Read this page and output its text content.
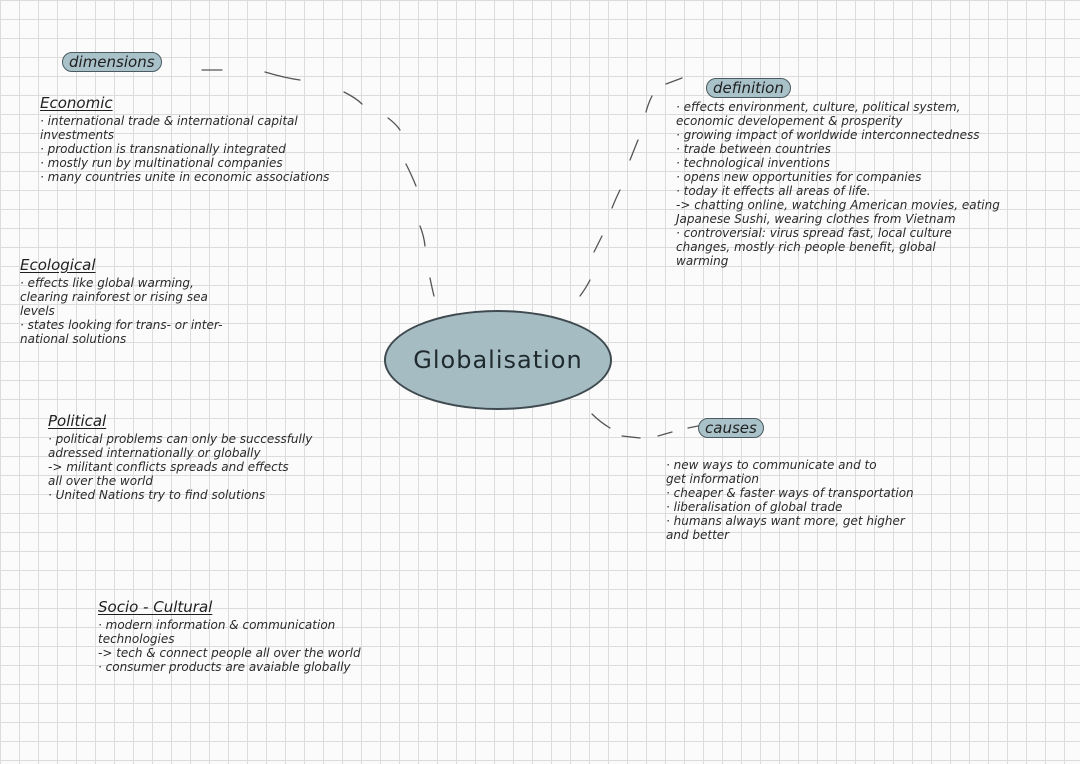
Globalisation
dimensions
Economic
· international trade & international capital
investments
· production is transnationally integrated
· mostly run by multinational companies
· many countries unite in economic associations
Ecological
· effects like global warming,
clearing rainforest or rising sea
levels
· states looking for trans- or inter-
national solutions
Political
· political problems can only be successfully
adressed internationally or globally
-> militant conflicts spreads and effects
all over the world
· United Nations try to find solutions
Socio - Cultural
· modern information & communication
technologies
-> tech & connect people all over the world
· consumer products are avaiable globally
definition
· effects environment, culture, political system,
economic developement & prosperity
· growing impact of worldwide interconnectedness
· trade between countries
· technological inventions
· opens new opportunities for companies
· today it effects all areas of life.
-> chatting online, watching American movies, eating
Japanese Sushi, wearing clothes from Vietnam
· controversial: virus spread fast, local culture
changes, mostly rich people benefit, global
warming
causes
· new ways to communicate and to
get information
· cheaper & faster ways of transportation
· liberalisation of global trade
· humans always want more, get higher
and better
